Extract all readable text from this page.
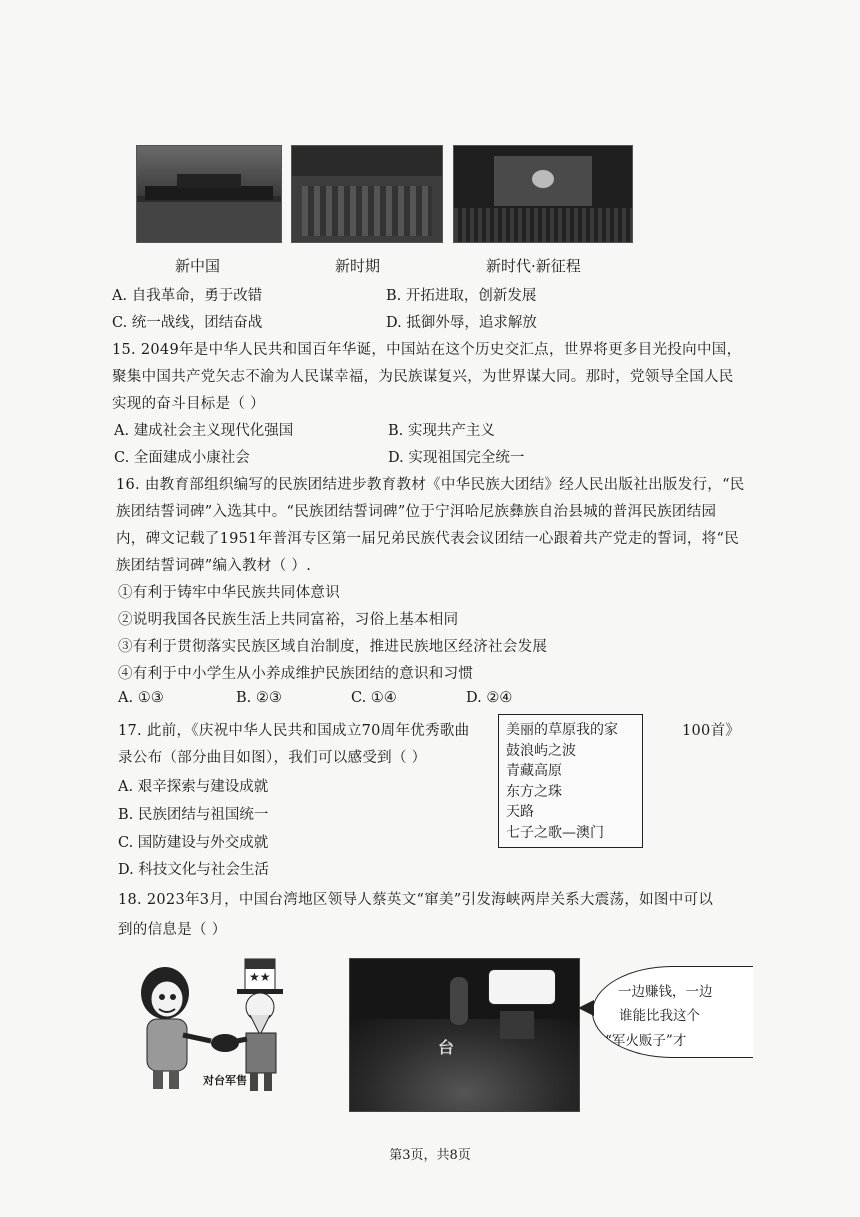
新中国	新时期	新时代·新征程
A. 自我革命，勇于改错	B. 开拓进取，创新发展
C. 统一战线，团结奋战	D. 抵御外辱，追求解放
15. 2049年是中华人民共和国百年华诞，中国站在这个历史交汇点，世界将更多目光投向中国，
聚集中国共产党矢志不渝为人民谋幸福，为民族谋复兴，为世界谋大同。那时，党领导全国人民
实现的奋斗目标是（ ）
A. 建成社会主义现代化强国	B. 实现共产主义
C. 全面建成小康社会	D. 实现祖国完全统一
16. 由教育部组织编写的民族团结进步教育教材《中华民族大团结》经人民出版社出版发行，“民
族团结誓词碑”入选其中。“民族团结誓词碑”位于宁洱哈尼族彝族自治县城的普洱民族团结园
内，碑文记载了1951年普洱专区第一届兄弟民族代表会议团结一心跟着共产党走的誓词，将“民
族团结誓词碑”编入教材（ ）.
①有利于铸牢中华民族共同体意识
②说明我国各民族生活上共同富裕，习俗上基本相同
③有利于贯彻落实民族区域自治制度，推进民族地区经济社会发展
④有利于中小学生从小养成维护民族团结的意识和习惯
A. ①③	B. ②③	C. ①④	D. ②④
17. 此前，《庆祝中华人民共和国成立70周年优秀歌曲
录公布（部分曲目如图），我们可以感受到（ ）
100首》
美丽的草原我的家
鼓浪屿之波
青藏高原
东方之珠
天路
七子之歌—澳门
A. 艰辛探索与建设成就
B. 民族团结与祖国统一
C. 国防建设与外交成就
D. 科技文化与社会生活
18. 2023年3月，中国台湾地区领导人蔡英文“窜美”引发海峡两岸关系大震荡，如图中可以
到的信息是（ ）
★★
对台军售
台
一边赚钱，一边
谁能比我这个
“军火贩子”才
第3页，共8页
